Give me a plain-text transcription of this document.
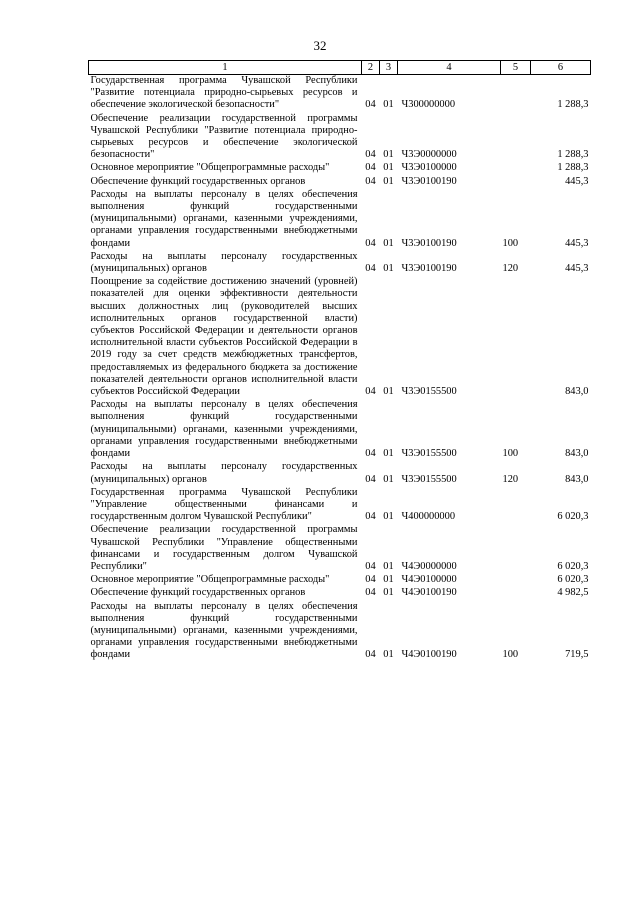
32
1	2	3	4	5	6
Государственная программа Чувашской Республики "Развитие потенциала природно-сырьевых ресурсов и обеспечение экологической безопасности"	04	01	Ч300000000		1 288,3
Обеспечение реализации государственной программы Чувашской Республики "Развитие потенциала природно-сырьевых ресурсов и обеспечение экологической безопасности"	04	01	Ч3Э0000000		1 288,3
Основное мероприятие "Общепрограммные расходы"	04	01	Ч3Э0100000		1 288,3
Обеспечение функций государственных органов	04	01	Ч3Э0100190		445,3
Расходы на выплаты персоналу в целях обеспечения выполнения функций государственными (муниципальными) органами, казенными учреждениями, органами управления государственными внебюджетными фондами	04	01	Ч3Э0100190	100	445,3
Расходы на выплаты персоналу государственных (муниципальных) органов	04	01	Ч3Э0100190	120	445,3
Поощрение за содействие достижению значений (уровней) показателей для оценки эффективности деятельности высших должностных лиц (руководителей высших исполнительных органов государственной власти) субъектов Российской Федерации и деятельности органов исполнительной власти субъектов Российской Федерации в 2019 году за счет средств межбюджетных трансфертов, предоставляемых из федерального бюджета за достижение показателей деятельности органов исполнительной власти субъектов Российской Федерации	04	01	Ч3Э0155500		843,0
Расходы на выплаты персоналу в целях обеспечения выполнения функций государственными (муниципальными) органами, казенными учреждениями, органами управления государственными внебюджетными фондами	04	01	Ч3Э0155500	100	843,0
Расходы на выплаты персоналу государственных (муниципальных) органов	04	01	Ч3Э0155500	120	843,0
Государственная программа Чувашской Республики "Управление общественными финансами и государственным долгом Чувашской Республики"	04	01	Ч400000000		6 020,3
Обеспечение реализации государственной программы Чувашской Республики "Управление общественными финансами и государственным долгом Чувашской Республики"	04	01	Ч4Э0000000		6 020,3
Основное мероприятие "Общепрограммные расходы"	04	01	Ч4Э0100000		6 020,3
Обеспечение функций государственных органов	04	01	Ч4Э0100190		4 982,5
Расходы на выплаты персоналу в целях обеспечения выполнения функций государственными (муниципальными) органами, казенными учреждениями, органами управления государственными внебюджетными фондами	04	01	Ч4Э0100190	100	719,5
